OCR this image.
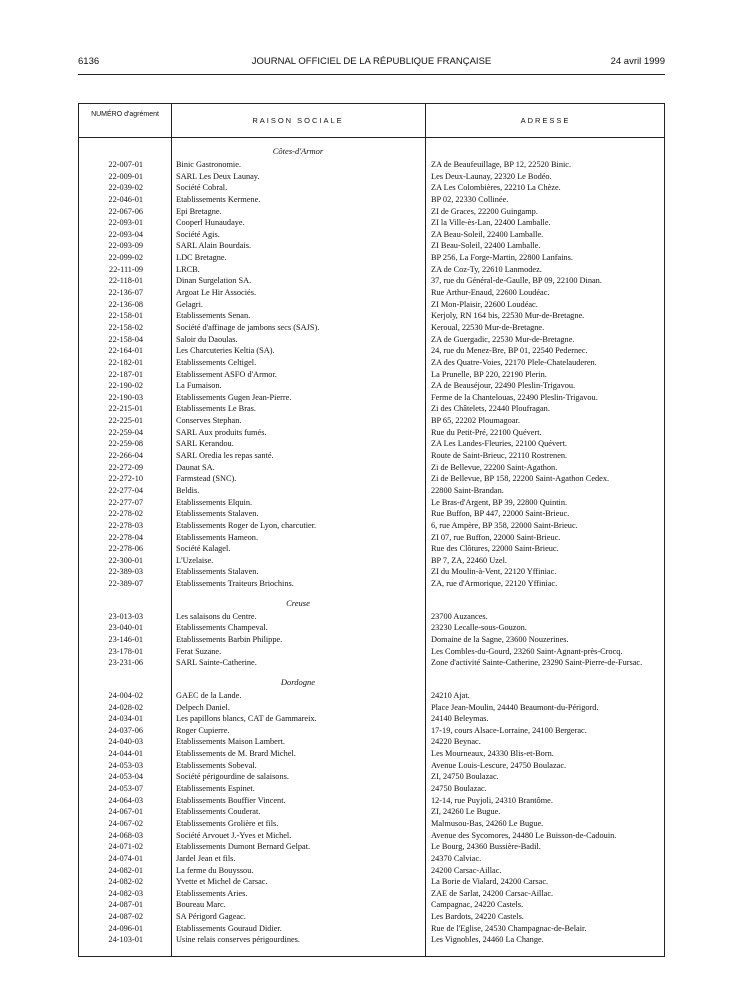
6136	JOURNAL OFFICIEL DE LA RÉPUBLIQUE FRANÇAISE	24 avril 1999
NUMÉRO d'agrément
RAISON SOCIALE	ADRESSE
Côtes-d'Armor
22-007-01	Binic Gastronomie.	ZA de Beaufeuillage, BP 12, 22520 Binic.
22-009-01	SARL Les Deux Launay.	Les Deux-Launay, 22320 Le Bodéo.
22-039-02	Société Cobral.	ZA Les Colombières, 22210 La Chèze.
22-046-01	Etablissements Kermene.	BP 02, 22330 Collinée.
22-067-06	Epi Bretagne.	ZI de Graces, 22200 Guingamp.
22-093-01	Cooperl Hunaudaye.	ZI la Ville-ès-Lan, 22400 Lamballe.
22-093-04	Société Agis.	ZA Beau-Soleil, 22400 Lamballe.
22-093-09	SARL Alain Bourdais.	ZI Beau-Soleil, 22400 Lamballe.
22-099-02	LDC Bretagne.	BP 256, La Forge-Martin, 22800 Lanfains.
22-111-09	LRCB.	ZA de Coz-Ty, 22610 Lanmodez.
22-118-01	Dinan Surgelation SA.	37, rue du Général-de-Gaulle, BP 09, 22100 Dinan.
22-136-07	Argoat Le Hir Associés.	Rue Arthur-Enaud, 22600 Loudéac.
22-136-08	Gelagri.	ZI Mon-Plaisir, 22600 Loudéac.
22-158-01	Etablissements Senan.	Kerjoly, RN 164 bis, 22530 Mur-de-Bretagne.
22-158-02	Société d'affinage de jambons secs (SAJS).	Keroual, 22530 Mur-de-Bretagne.
22-158-04	Saloir du Daoulas.	ZA de Guergadic, 22530 Mur-de-Bretagne.
22-164-01	Les Charcuteries Keltia (SA).	24, rue du Menez-Bre, BP 01, 22540 Pedernec.
22-182-01	Etablissements Celtigel.	ZA des Quatre-Voies, 22170 Plele-Chatelauderen.
22-187-01	Etablissement ASFO d'Armor.	La Prunelle, BP 220, 22190 Plerin.
22-190-02	La Fumaison.	ZA de Beauséjour, 22490 Pleslin-Trigavou.
22-190-03	Etablissements Gugen Jean-Pierre.	Ferme de la Chantelouas, 22490 Pleslin-Trigavou.
22-215-01	Etablissements Le Bras.	Zi des Châtelets, 22440 Ploufragan.
22-225-01	Conserves Stephan.	BP 65, 22202 Ploumagoar.
22-259-04	SARL Aux produits fumés.	Rue du Petit-Pré, 22100 Quévert.
22-259-08	SARL Kerandou.	ZA Les Landes-Fleuries, 22100 Quévert.
22-266-04	SARL Oredia les repas santé.	Route de Saint-Brieuc, 22110 Rostrenen.
22-272-09	Daunat SA.	Zi de Bellevue, 22200 Saint-Agathon.
22-272-10	Farmstead (SNC).	Zi de Bellevue, BP 158, 22200 Saint-Agathon Cedex.
22-277-04	Beldis.	22800 Saint-Brandan.
22-277-07	Etablissements Elquin.	Le Bras-d'Argent, BP 39, 22800 Quintin.
22-278-02	Etablissements Stalaven.	Rue Buffon, BP 447, 22000 Saint-Brieuc.
22-278-03	Etablissements Roger de Lyon, charcutier.	6, rue Ampère, BP 358, 22000 Saint-Brieuc.
22-278-04	Etablissements Hameon.	ZI 07, rue Buffon, 22000 Saint-Brieuc.
22-278-06	Société Kalagel.	Rue des Clôtures, 22000 Saint-Brieuc.
22-300-01	L'Uzelaise.	BP 7, ZA, 22460 Uzel.
22-389-03	Etablissements Stalaven.	ZI du Moulin-à-Vent, 22120 Yffiniac.
22-389-07	Etablissements Traiteurs Briochins.	ZA, rue d'Armorique, 22120 Yffiniac.
Creuse
23-013-03	Les salaisons du Centre.	23700 Auzances.
23-040-01	Etablissements Champeval.	23230 Lecalle-sous-Gouzon.
23-146-01	Etablissements Barbin Philippe.	Domaine de la Sagne, 23600 Nouzerines.
23-178-01	Ferat Suzane.	Les Combles-du-Gourd, 23260 Saint-Agnant-près-Crocq.
23-231-06	SARL Sainte-Catherine.	Zone d'activité Sainte-Catherine, 23290 Saint-Pierre-de-Fursac.
Dordogne
24-004-02	GAEC de la Lande.	24210 Ajat.
24-028-02	Delpech Daniel.	Place Jean-Moulin, 24440 Beaumont-du-Périgord.
24-034-01	Les papillons blancs, CAT de Gammareix.	24140 Beleymas.
24-037-06	Roger Cupierre.	17-19, cours Alsace-Lorraine, 24100 Bergerac.
24-040-03	Etablissements Maison Lambert.	24220 Beynac.
24-044-01	Etablissements de M. Brard Michel.	Les Mourneaux, 24330 Blis-et-Born.
24-053-03	Etablissements Sobeval.	Avenue Louis-Lescure, 24750 Boulazac.
24-053-04	Société périgourdine de salaisons.	ZI, 24750 Boulazac.
24-053-07	Etablissements Espinet.	24750 Boulazac.
24-064-03	Etablissements Bouffier Vincent.	12-14, rue Puyjoli, 24310 Brantôme.
24-067-01	Etablissements Couderat.	ZI, 24260 Le Bugue.
24-067-02	Etablissements Grolière et fils.	Malmusou-Bas, 24260 Le Bugue.
24-068-03	Société Arvouet J.-Yves et Michel.	Avenue des Sycomores, 24480 Le Buisson-de-Cadouin.
24-071-02	Etablissements Dumont Bernard Gelpat.	Le Bourg, 24360 Bussière-Badil.
24-074-01	Jardel Jean et fils.	24370 Calviac.
24-082-01	La ferme du Bouyssou.	24200 Carsac-Aillac.
24-082-02	Yvette et Michel de Carsac.	La Borie de Vialard, 24200 Carsac.
24-082-03	Etablissements Aries.	ZAE de Sarlat, 24200 Carsac-Aillac.
24-087-01	Boureau Marc.	Campagnac, 24220 Castels.
24-087-02	SA Périgord Gageac.	Les Bardots, 24220 Castels.
24-096-01	Etablissements Gouraud Didier.	Rue de l'Eglise, 24530 Champagnac-de-Belair.
24-103-01	Usine relais conserves périgourdines.	Les Vignobles, 24460 La Change.
